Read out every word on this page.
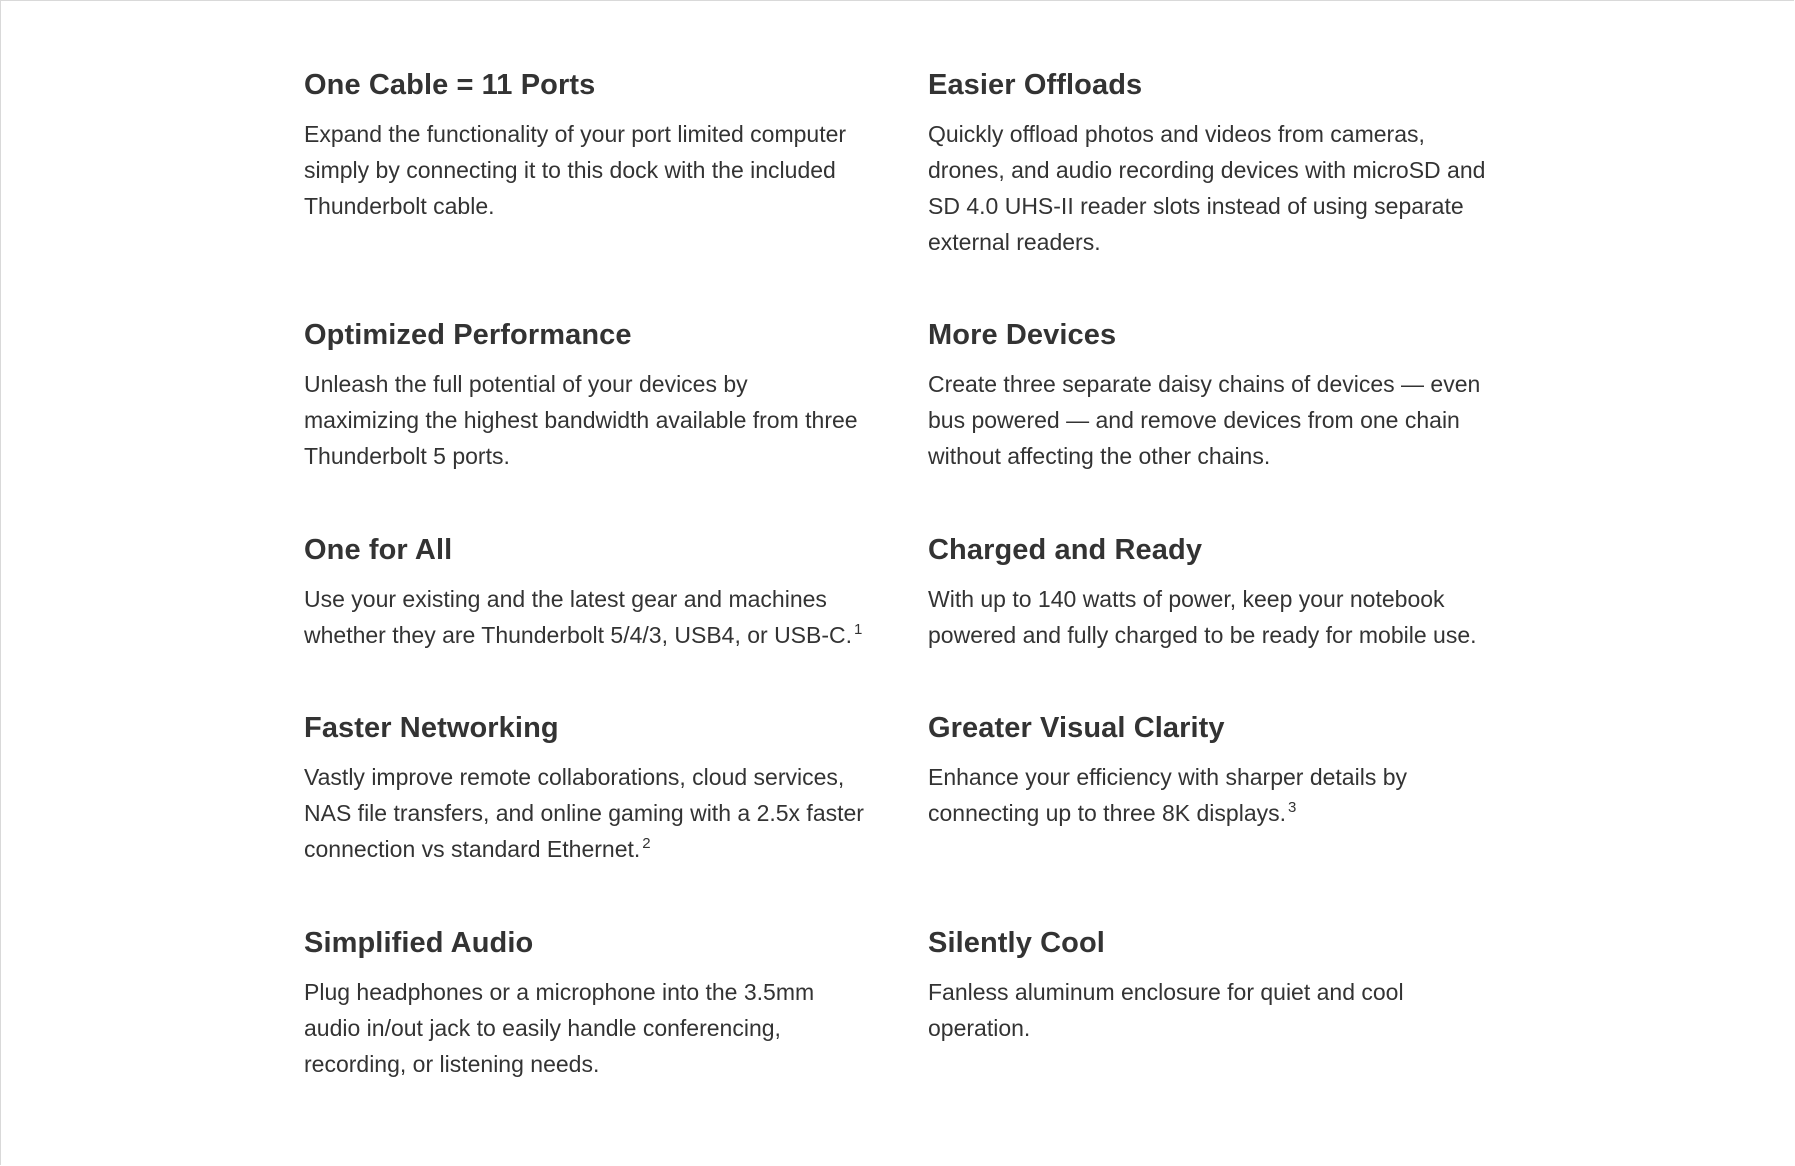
One Cable = 11 Ports

Expand the functionality of your port limited computer simply by connecting it to this dock with the included Thunderbolt cable.

Easier Offloads

Quickly offload photos and videos from cameras, drones, and audio recording devices with microSD and SD 4.0 UHS-II reader slots instead of using separate external readers.

Optimized Performance

Unleash the full potential of your devices by maximizing the highest bandwidth available from three Thunderbolt 5 ports.

More Devices

Create three separate daisy chains of devices — even bus powered — and remove devices from one chain without affecting the other chains.

One for All

Use your existing and the latest gear and machines whether they are Thunderbolt 5/4/3, USB4, or USB-C. $^1$

Charged and Ready

With up to 140 watts of power, keep your notebook powered and fully charged to be ready for mobile use.

Faster Networking

Vastly improve remote collaborations, cloud services, NAS file transfers, and online gaming with a 2.5x faster connection vs standard Ethernet. $^2$

Greater Visual Clarity

Enhance your efficiency with sharper details by connecting up to three 8K displays. $^3$

Simplified Audio

Plug headphones or a microphone into the 3.5mm audio in/out jack to easily handle conferencing, recording, or listening needs.

Silently Cool

Fanless aluminum enclosure for quiet and cool operation.
